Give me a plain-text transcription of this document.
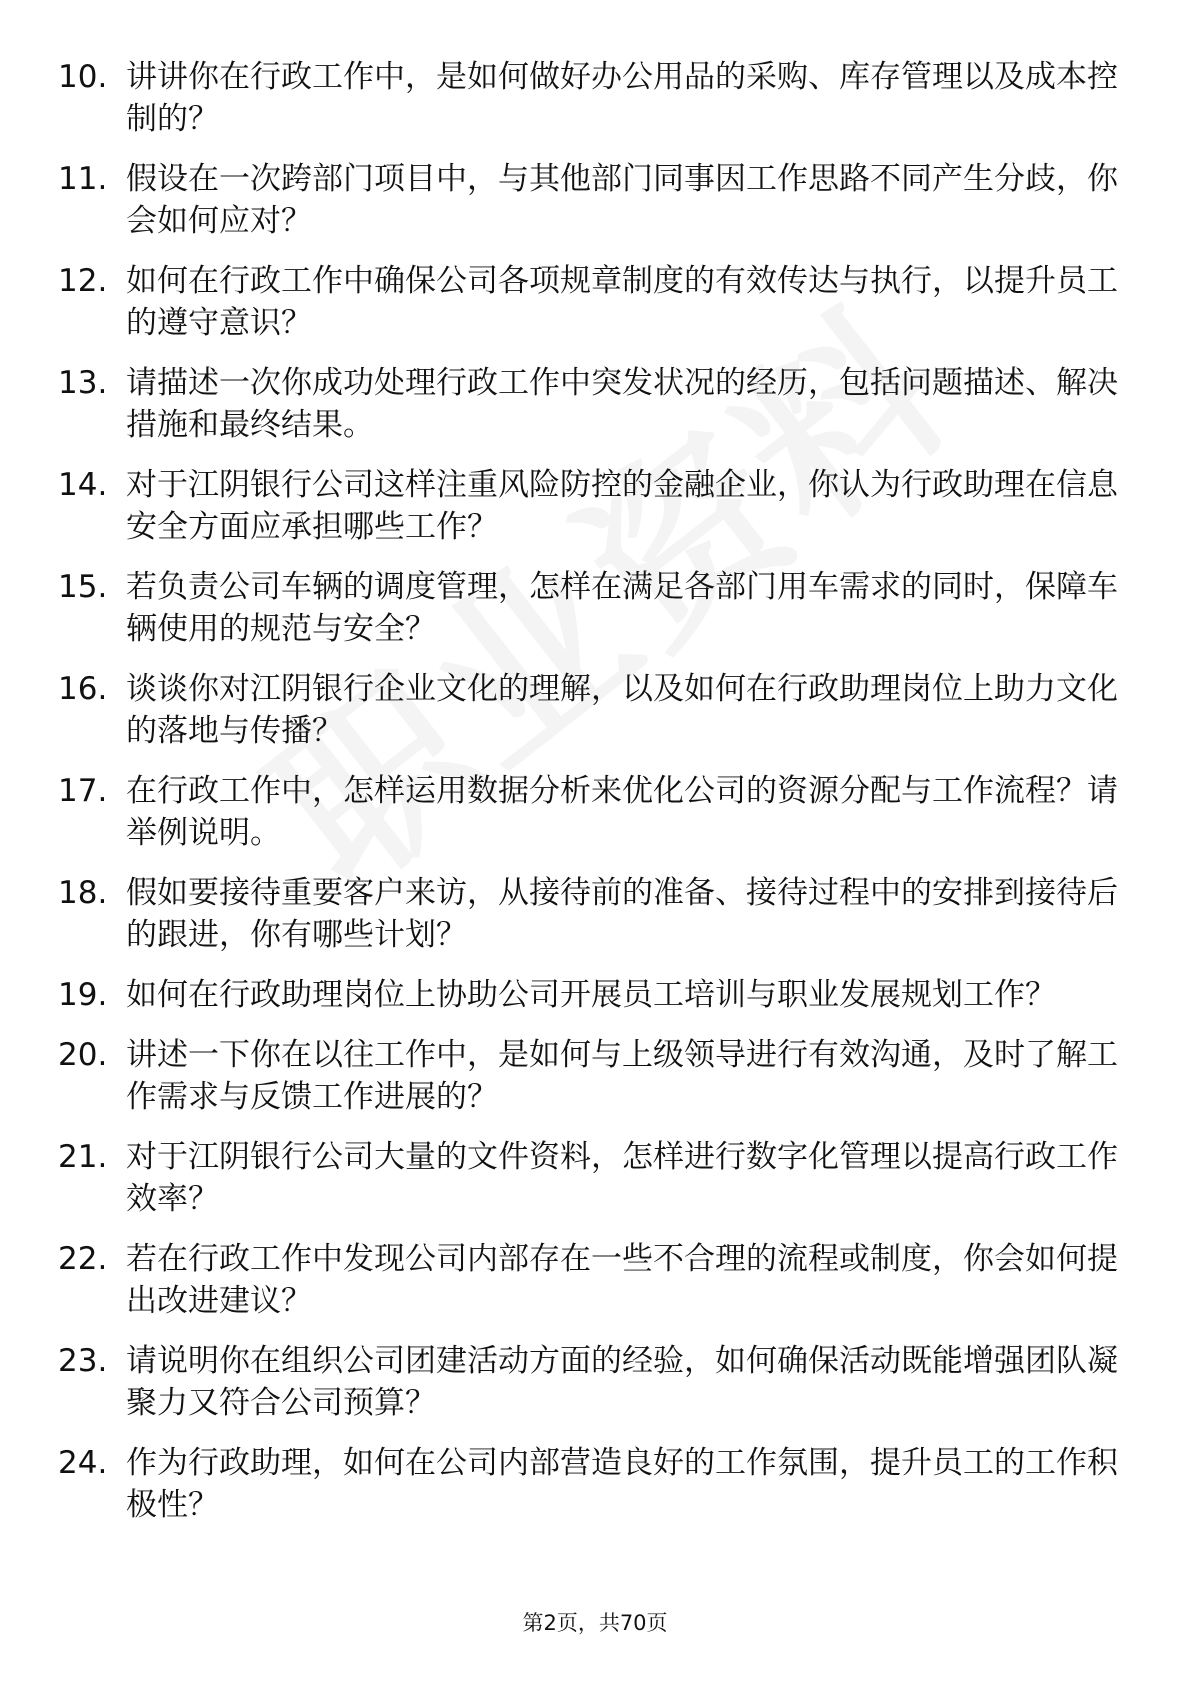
10. 讲讲你在行政工作中，是如何做好办公用品的采购、库存管理以及成本控制的？
11. 假设在一次跨部门项目中，与其他部门同事因工作思路不同产生分歧，你会如何应对？
12. 如何在行政工作中确保公司各项规章制度的有效传达与执行，以提升员工的遵守意识？
13. 请描述一次你成功处理行政工作中突发状况的经历，包括问题描述、解决措施和最终结果。
14. 对于江阴银行公司这样注重风险防控的金融企业，你认为行政助理在信息安全方面应承担哪些工作？
15. 若负责公司车辆的调度管理，怎样在满足各部门用车需求的同时，保障车辆使用的规范与安全？
16. 谈谈你对江阴银行企业文化的理解，以及如何在行政助理岗位上助力文化的落地与传播？
17. 在行政工作中，怎样运用数据分析来优化公司的资源分配与工作流程？请举例说明。
18. 假如要接待重要客户来访，从接待前的准备、接待过程中的安排到接待后的跟进，你有哪些计划？
19. 如何在行政助理岗位上协助公司开展员工培训与职业发展规划工作？
20. 讲述一下你在以往工作中，是如何与上级领导进行有效沟通，及时了解工作需求与反馈工作进展的？
21. 对于江阴银行公司大量的文件资料，怎样进行数字化管理以提高行政工作效率？
22. 若在行政工作中发现公司内部存在一些不合理的流程或制度，你会如何提出改进建议？
23. 请说明你在组织公司团建活动方面的经验，如何确保活动既能增强团队凝聚力又符合公司预算？
24. 作为行政助理，如何在公司内部营造良好的工作氛围，提升员工的工作积极性？
第2页，共70页
